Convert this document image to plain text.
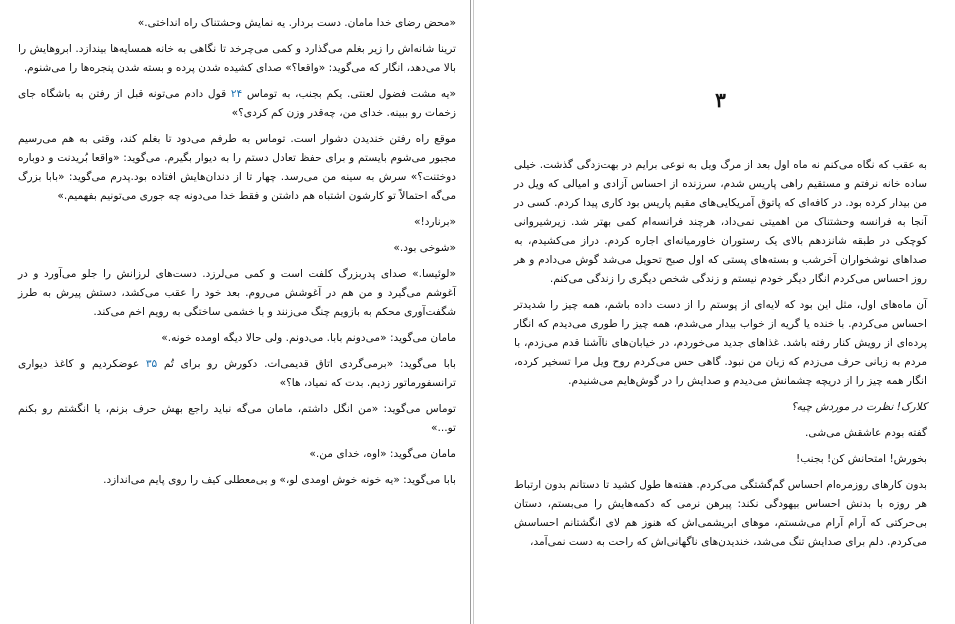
«محض رضای خدا مامان. دست بردار. یه نمایش وحشتناک راه انداختی.»

ترینا شانه‌اش را زیر بغلم می‌گذارد و کمی می‌چرخد تا نگاهی به خانه همسایه‌ها بیندازد. ابروهایش را بالا می‌دهد، انگار که می‌گوید: «واقعا؟» صدای کشیده شدن پرده و بسته شدن پنجره‌ها را می‌شنوم.

«یه مشت فضول لعنتی. یکم بجنب، به توماس ۲۴ قول دادم می‌تونه قبل از رفتن به باشگاه جای زخمات رو ببینه. خدای من، چه‌قدر وزن کم کردی؟»

موقع راه رفتن خندیدن دشوار است. توماس به طرفم می‌دود تا بغلم کند، وقتی به هم می‌رسیم مجبور می‌شوم بایستم و برای حفظ تعادل دستم را به دیوار بگیرم. می‌گوید: «واقعا بُریدنت و دوباره دوختنت؟» سرش به سینه من می‌رسد. چهار تا از دندان‌هایش افتاده بود.پدرم می‌گوید: «بابا بزرگ می‌گه احتمالاً تو کارشون اشتباه هم داشتن و فقط خدا می‌دونه چه جوری می‌تونیم بفهمیم.»

«برنارد!»

«شوخی بود.»

«لوئیسا.» صدای پدربزرگ کلفت است و کمی می‌لرزد. دست‌های لرزانش را جلو می‌آورد و در آغوشم می‌گیرد و من هم در آغوشش می‌روم. بعد خود را عقب می‌کشد، دستش پیرش به طرز شگفت‌آوری محکم به بازویم چنگ می‌زنند و با خشمی ساختگی به رویم اخم می‌کند.

مامان می‌گوید: «می‌دونم بابا. می‌دونم. ولی حالا دیگه اومده خونه.»

بابا می‌گوید: «برمی‌گردی اتاق قدیمی‌ات. دکورش رو برای تُم ۳۵ عوضکردیم و کاغذ دیواری ترانسفورماتور زدیم. بدت که نمیاد، ها؟»

توماس می‌گوید: «من انگل داشتم، مامان می‌گه نباید راجع بهش حرف بزنم، یا انگشتم رو بکنم تو...»

مامان می‌گوید: «اوه، خدای من.»

بابا می‌گوید: «یه خونه خوش اومدی لو،» و بی‌معطلی کیف را روی پایم می‌اندازد.

۳

به عقب که نگاه می‌کنم نه ماه اول بعد از مرگ ویل به نوعی برایم در بهت‌زدگی گذشت. خیلی ساده خانه نرفتم و مستقیم راهی پاریس شدم، سرزنده از احساس آزادی و امیالی که ویل در من بیدار کرده بود. در کافه‌ای که پاتوق آمریکایی‌های مقیم پاریس بود کاری پیدا کردم. کسی در آنجا به فرانسه وحشتناک من اهمیتی نمی‌داد، هرچند فرانسه‌ام کمی بهتر شد. زیرشیروانی کوچکی در طبقه شانزدهم بالای یک رستوران خاورمیانه‌ای اجاره کردم. دراز می‌کشیدم، به صداهای نوشخواران آخرشب و بسته‌های پستی که اول صبح تحویل می‌شد گوش می‌دادم و هر روز احساس می‌کردم انگار دیگر خودم نیستم و زندگی شخص دیگری را زندگی می‌کنم.

آن ماه‌های اول، مثل این بود که لایه‌ای از پوستم را از دست داده باشم، همه چیز را شدیدتر احساس می‌کردم. با خنده یا گریه از خواب بیدار می‌شدم، همه چیز را طوری می‌دیدم که انگار پرده‌ای از رویش کنار رفته باشد. غذاهای جدید می‌خوردم، در خیابان‌های ناآشنا قدم می‌زدم، با مردم به زبانی حرف می‌زدم که زبان من نبود. گاهی حس می‌کردم روح ویل مرا تسخیر کرده، انگار همه چیز را از دریچه چشمانش می‌دیدم و صدایش را در گوش‌هایم می‌شنیدم.

کلارک! نظرت در موردش چیه؟

گفته بودم عاشقش می‌شی.

بخورش! امتحانش کن! بجنب!

بدون کارهای روزمره‌ام احساس گم‌گشتگی می‌کردم. هفته‌ها طول کشید تا دستانم بدون ارتباط هر روزه با بدنش احساس بیهودگی نکند: پیرهن نرمی که دکمه‌هایش را می‌بستم، دستان بی‌حرکتی که آرام آرام می‌شستم، موهای ابریشمی‌اش که هنوز هم لای انگشتانم احساسش می‌کردم. دلم برای صدایش تنگ می‌شد، خندیدن‌های ناگهانی‌اش که راحت به دست نمی‌آمد،
